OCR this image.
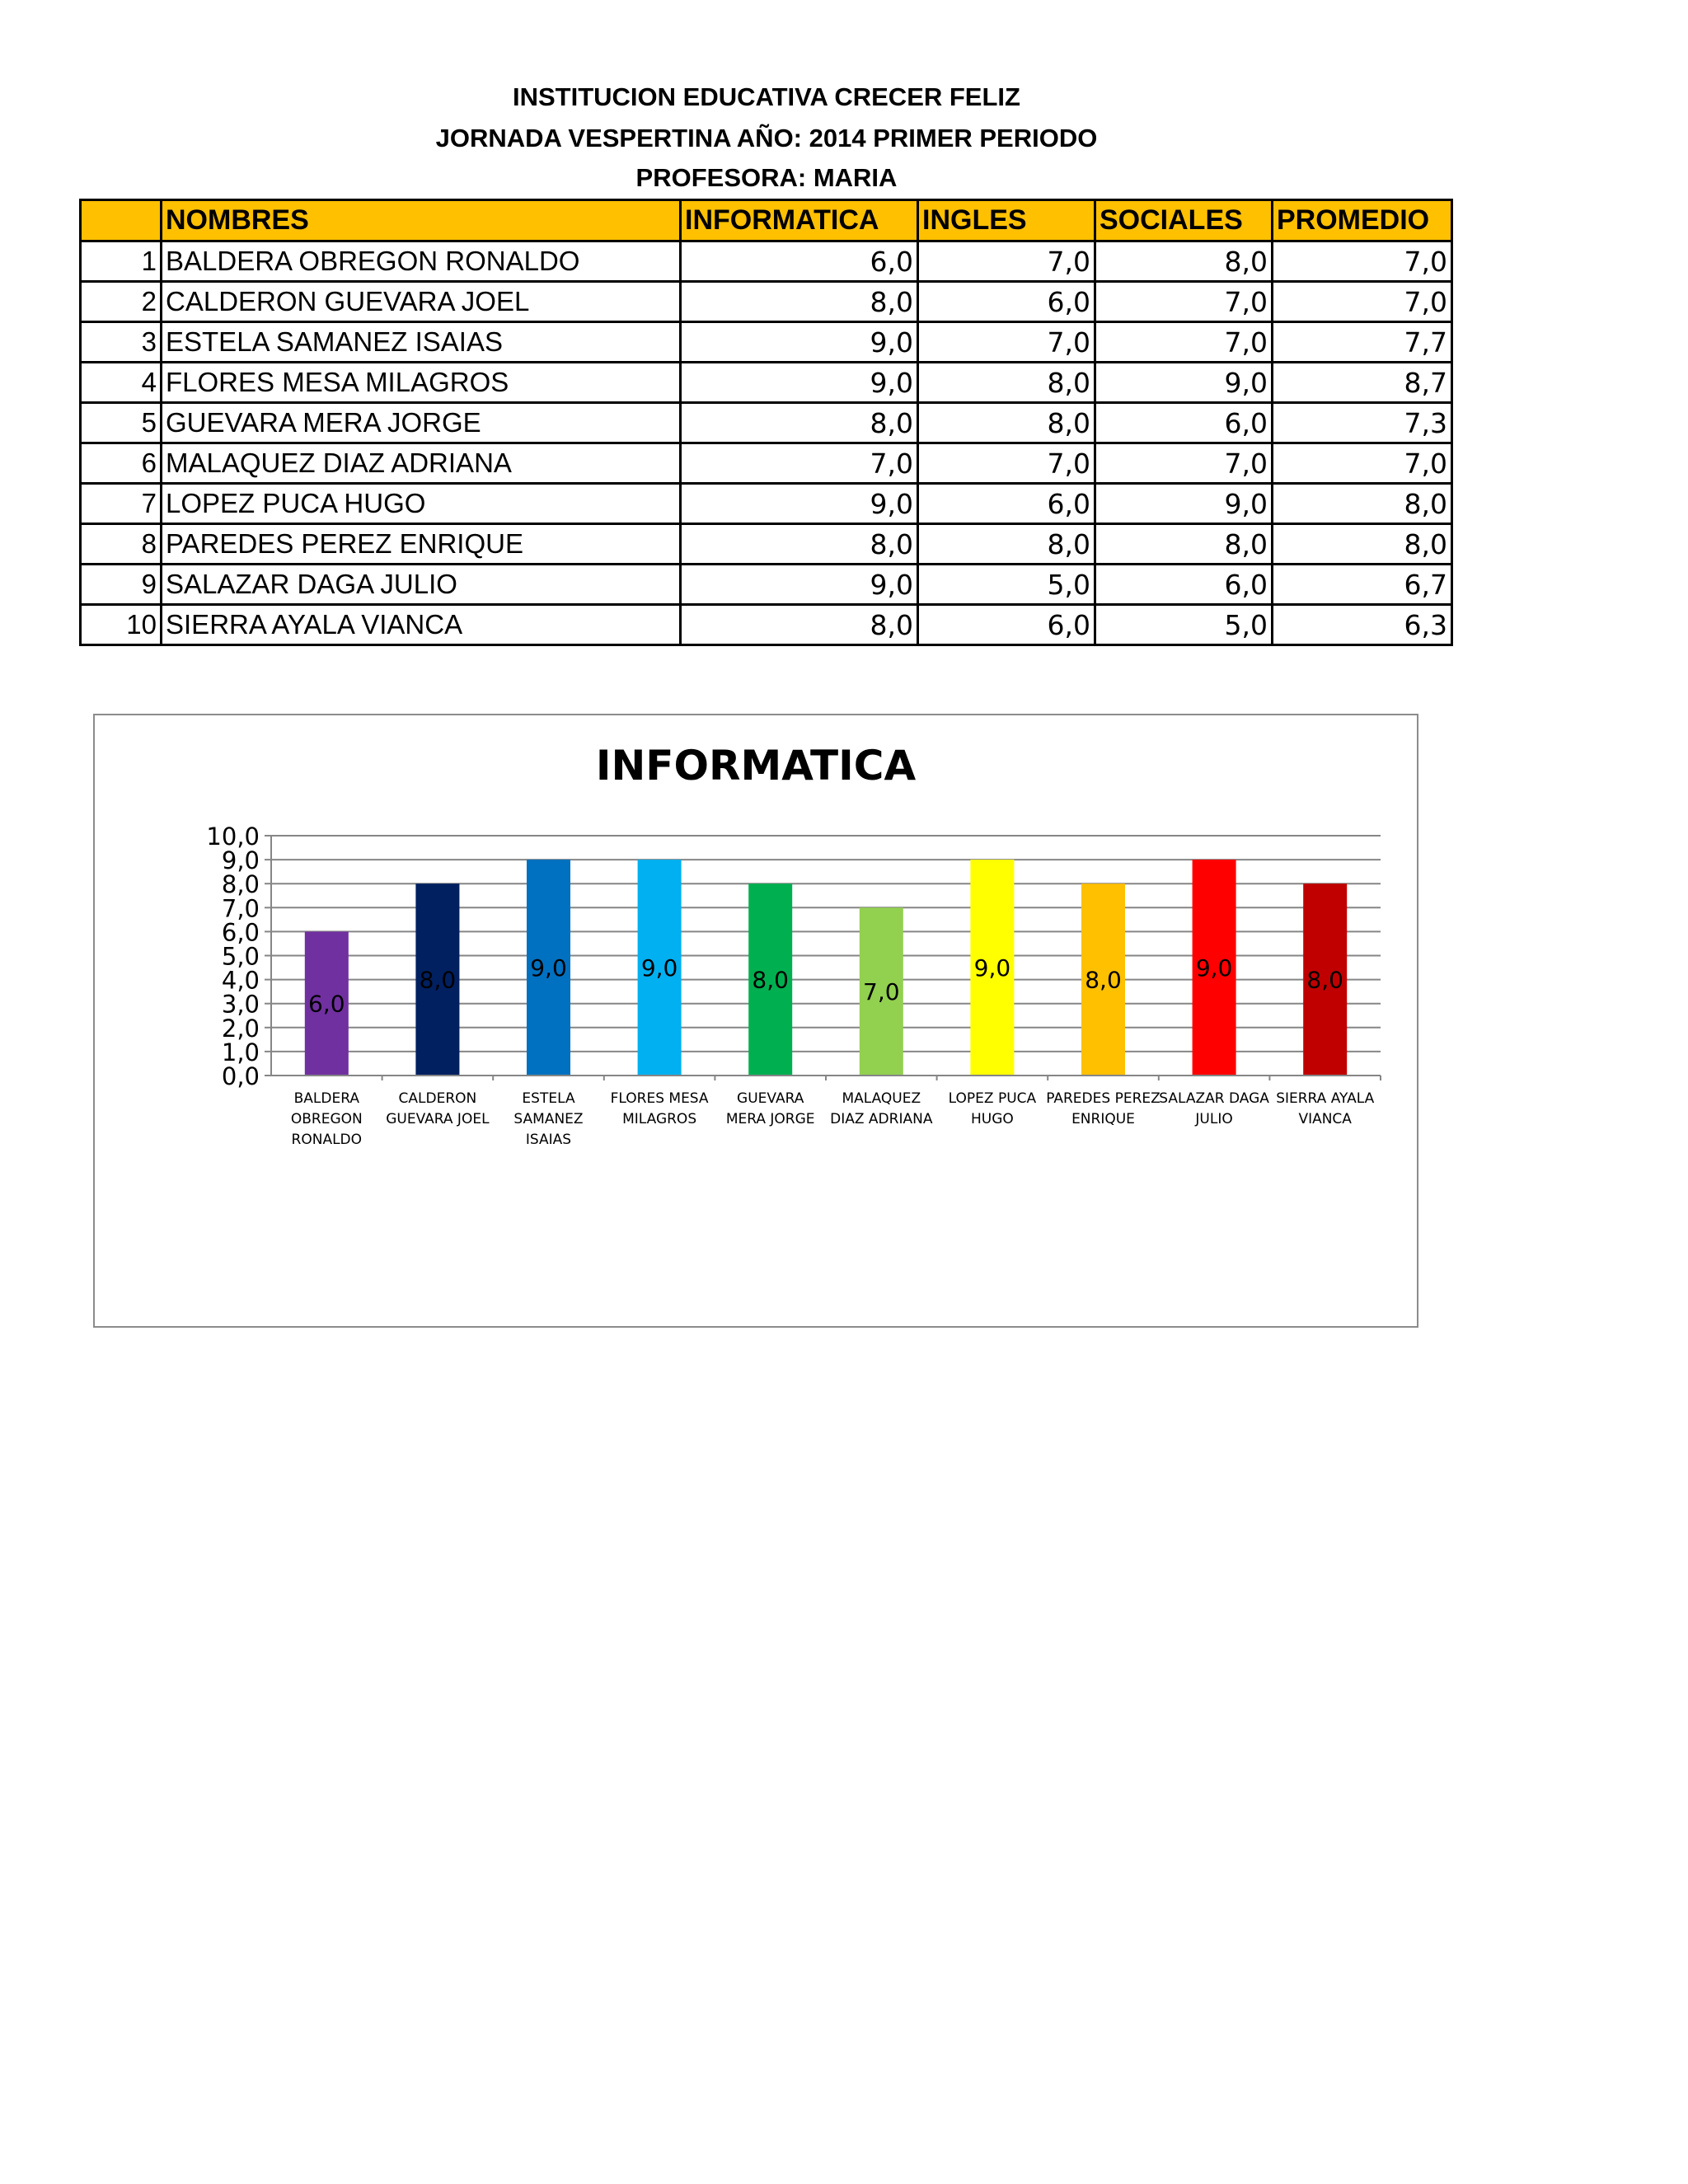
INSTITUCION EDUCATIVA CRECER FELIZ
JORNADA VESPERTINA AÑO: 2014 PRIMER PERIODO
PROFESORA: MARIA
	NOMBRES	INFORMATICA	INGLES	SOCIALES	PROMEDIO
1	BALDERA OBREGON RONALDO	6,0	7,0	8,0	7,0
2	CALDERON GUEVARA JOEL	8,0	6,0	7,0	7,0
3	ESTELA SAMANEZ ISAIAS	9,0	7,0	7,0	7,7
4	FLORES MESA MILAGROS	9,0	8,0	9,0	8,7
5	GUEVARA MERA JORGE	8,0	8,0	6,0	7,3
6	MALAQUEZ DIAZ ADRIANA	7,0	7,0	7,0	7,0
7	LOPEZ PUCA HUGO	9,0	6,0	9,0	8,0
8	PAREDES PEREZ ENRIQUE	8,0	8,0	8,0	8,0
9	SALAZAR DAGA JULIO	9,0	5,0	6,0	6,7
10	SIERRA AYALA VIANCA	8,0	6,0	5,0	6,3
INFORMATICA
0,0
1,0
2,0
3,0
4,0
5,0
6,0
7,0
8,0
9,0
10,0
6,0
BALDERA
OBREGON
RONALDO
8,0
CALDERON
GUEVARA JOEL
9,0
ESTELA
SAMANEZ
ISAIAS
9,0
FLORES MESA
MILAGROS
8,0
GUEVARA
MERA JORGE
7,0
MALAQUEZ
DIAZ ADRIANA
9,0
LOPEZ PUCA
HUGO
8,0
PAREDES PEREZ
ENRIQUE
9,0
SALAZAR DAGA
JULIO
8,0
SIERRA AYALA
VIANCA
